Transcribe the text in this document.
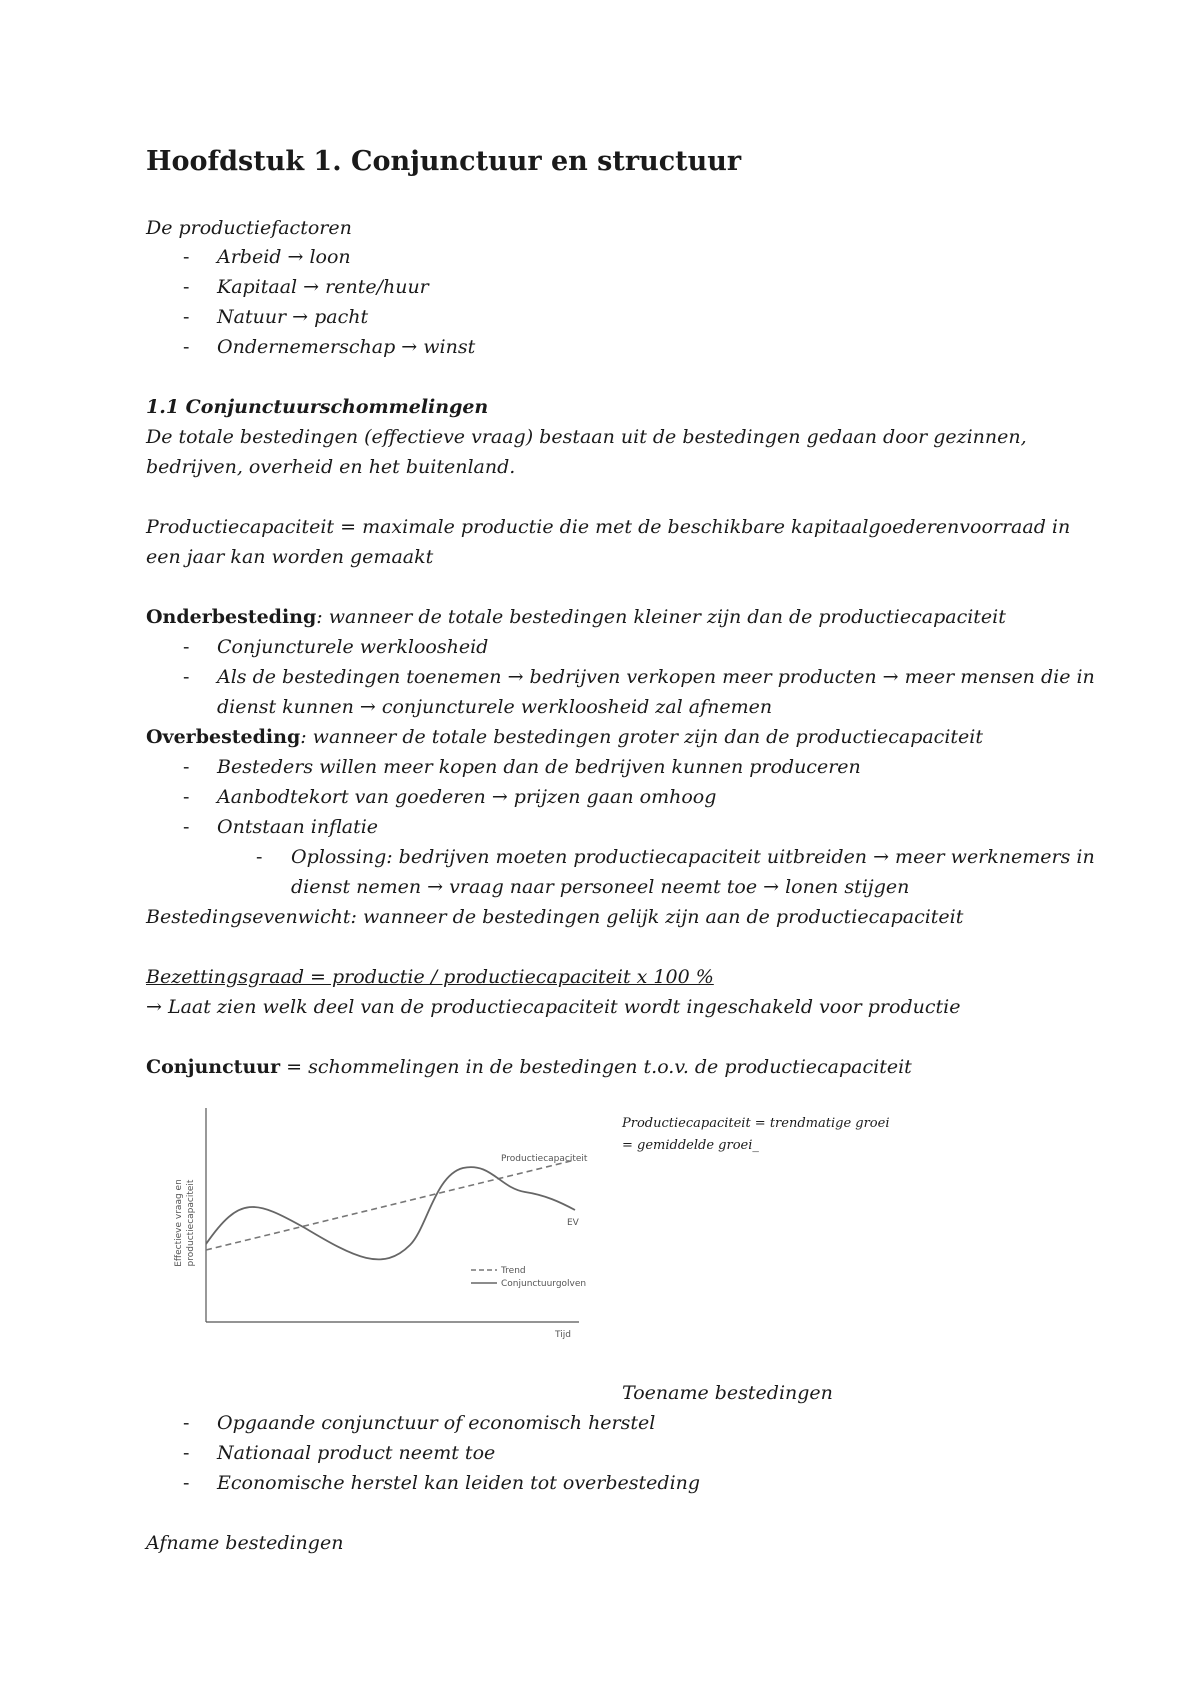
Hoofdstuk 1. Conjunctuur en structuur
De productiefactoren
- Arbeid → loon
- Kapitaal → rente/huur
- Natuur → pacht
- Ondernemerschap → winst
1.1 Conjunctuurschommelingen
De totale bestedingen (effectieve vraag) bestaan uit de bestedingen gedaan door gezinnen,
bedrijven, overheid en het buitenland.
Productiecapaciteit = maximale productie die met de beschikbare kapitaalgoederenvoorraad in
een jaar kan worden gemaakt
Onderbesteding: wanneer de totale bestedingen kleiner zijn dan de productiecapaciteit
- Conjuncturele werkloosheid
- Als de bestedingen toenemen → bedrijven verkopen meer producten → meer mensen die in
dienst kunnen → conjuncturele werkloosheid zal afnemen
Overbesteding: wanneer de totale bestedingen groter zijn dan de productiecapaciteit
- Besteders willen meer kopen dan de bedrijven kunnen produceren
- Aanbodtekort van goederen → prijzen gaan omhoog
- Ontstaan inflatie
- Oplossing: bedrijven moeten productiecapaciteit uitbreiden → meer werknemers in
dienst nemen → vraag naar personeel neemt toe → lonen stijgen
Bestedingsevenwicht: wanneer de bestedingen gelijk zijn aan de productiecapaciteit
Bezettingsgraad = productie / productiecapaciteit x 100 %
→ Laat zien welk deel van de productiecapaciteit wordt ingeschakeld voor productie
Conjunctuur = schommelingen in de bestedingen t.o.v. de productiecapaciteit
Effectieve vraag en productiecapaciteit
Productiecapaciteit
EV
Trend
Conjunctuurgolven
Tijd
Productiecapaciteit = trendmatige groei
= gemiddelde groei_
Toename bestedingen
- Opgaande conjunctuur of economisch herstel
- Nationaal product neemt toe
- Economische herstel kan leiden tot overbesteding
Afname bestedingen
